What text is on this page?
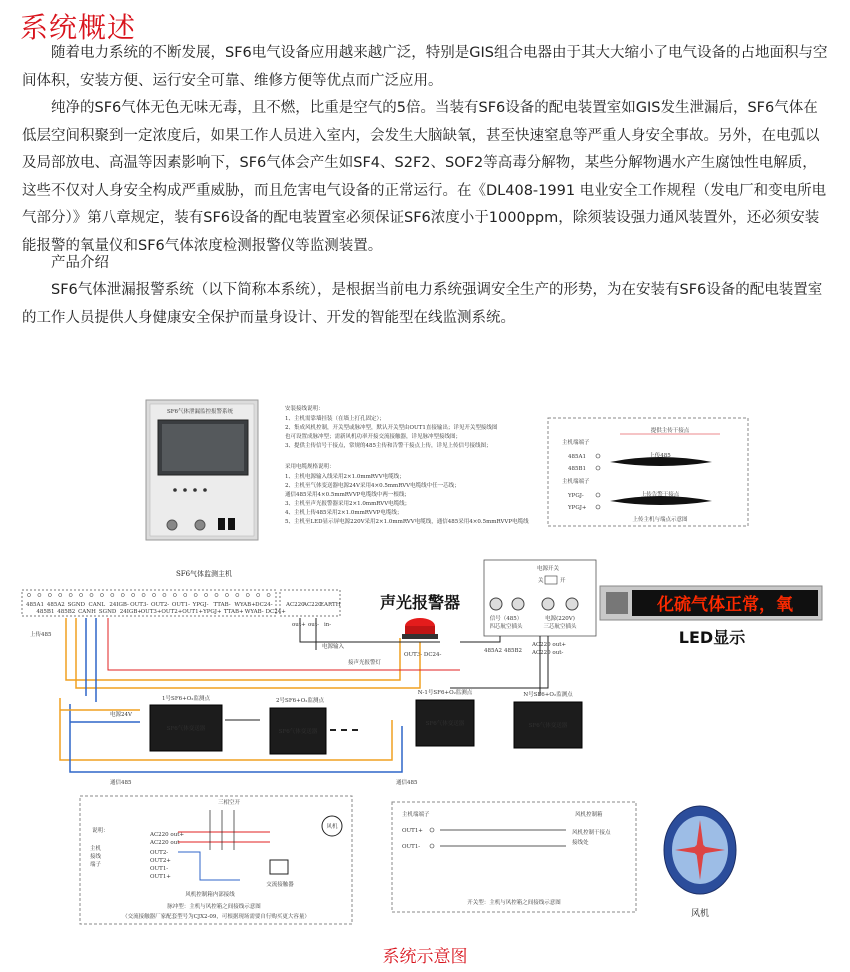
系统概述

随着电力系统的不断发展，SF6电气设备应用越来越广泛，特别是GIS组合电器由于其大大缩小了电气设备的占地面积与空间体积，安装方便、运行安全可靠、维修方便等优点而广泛应用。

纯净的SF6气体无色无味无毒，且不燃，比重是空气的5倍。当装有SF6设备的配电装置室如GIS发生泄漏后，SF6气体在低层空间积聚到一定浓度后，如果工作人员进入室内，会发生大脑缺氧，甚至快速窒息等严重人身安全事故。另外，在电弧以及局部放电、高温等因素影响下，SF6气体会产生如SF4、S2F2、SOF2等高毒分解物，某些分解物遇水产生腐蚀性电解质，这些不仅对人身安全构成严重威胁，而且危害电气设备的正常运行。在《DL408-1991 电业安全工作规程（发电厂和变电所电气部分）》第八章规定，装有SF6设备的配电装置室必须保证SF6浓度小于1000ppm，除须装设强力通风装置外，还必须安装能报警的氧量仪和SF6气体浓度检测报警仪等监测装置。

产品介绍

SF6气体泄漏报警系统（以下简称本系统），是根据当前电力系统强调安全生产的形势，为在安装有SF6设备的配电装置室的工作人员提供人身健康安全保护而量身设计、开发的智能型在线监测系统。

SF6气体泄漏监控报警系统
SF6气体监测主机
安装接线说明：
1、主机需靠墙挂装（在墙上打孔固定）；
2、集成风机控制，开关型或脉冲型，默认开关型由OUT1直接输出；详见开关型接线图
也可设置成脉冲型；需新风机功率开接交流接触器，详见脉冲型接线图；
3、提供主传信号干接点，常规的485主传和告警干接点上传，详见上传信号接线图；
采用电缆规格说明：
1、主机电源输入线采用2×1.0mmRVV电缆线；
2、主机至气体变送器电源24V采用4×0.5mmRVV电缆线中任一芯线；
通信485采用4×0.5mmRVVP电缆线中两一根线；
3、主机至声光报警器采用2×1.0mmRVV电缆线；
4、主机上传485采用2×1.0mmRVVP电缆线；
5、主机至LED显示屏电源220V采用2×1.0mmRVV电缆线，通信485采用4×0.5mmRVVP电缆线
提供主传干接点
主机端端子
485A1
485B1
上传485
主机端端子
YPGJ-
YPGJ+
上传告警干接点
上传主机与端点示意图
485A1
485B1
485A2
485B2
SGND
CANH
CANL
SGND
24IGB-
24IGB+
OUT3-
OUT3+
OUT2-
OUT2+
OUT1-
OUT1+
YPGJ-
YPGJ+
TTAB-
TTAB+
WYAB+
WYAB-
DC24-
DC24+
AC220
AC220
EARTH
上传485
out+ out- in-
声光报警器
电源输入
接声光报警灯
OUT3- DC24-
电源开关
关	开
信号（485）
四芯航空插头
电源(220V)
三芯航空插头
485A2 485B2
AC220 out+
AC220 out-
化硫气体正常，氧
LED显示
SF6气体变送器
1号SF6+O₂监测点
SF6气体变送器
2号SF6+O₂监测点
SF6气体变送器
N-1号SF6+O₂监测点
SF6气体变送器
N号SF6+O₂监测点
电源24V
通信485	通信485
三相空开
说明：
主机
接线
端子
AC220 out+
AC220 out-
OUT2-
OUT2+
OUT1-
OUT1+
交流接触器
风机
风机控制箱内部接线
脉冲型：主机与风控箱之间接线示意图
（交流接触器厂家配套型号为CJX2-09，可根据现场需要自行购买更大容量）
主机端端子	风机控制箱
OUT1+
OUT1-
风机控制干接点
接线处
开关型：主机与风控箱之间接线示意图
风机
系统示意图
